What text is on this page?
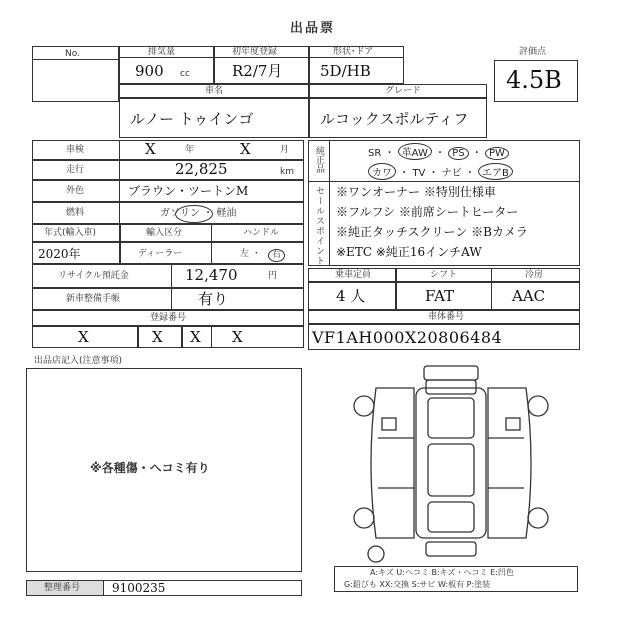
出品票
No.	排気量
900 cc
初年度登録
R2/7月
形状･ドア
5D/HB
評価点
4.5B
車名	グレード
ルノー トゥインゴ	ルコックスポルティフ
車検	X	年	X	月
走行	22,825	km
外色	ブラウン・ツートンM
燃料	ガソリン ・ 軽油
年式(輸入車)	輸入区分	ハンドル
2020年	ディーラー	左 ・	右
リサイクル預託金	12,470	円
新車整備手帳	有り
登録番号
X	X X X
純正品
セールスポイント
SR ・ 革AW ・ PS ・ PW
カワ ・ TV ・ ナビ ・ エアB
※ワンオーナー ※特別仕様車
※フルフシ ※前席シートヒーター
※純正タッチスクリーン ※Bカメラ
※ETC ※純正16インチAW
乗車定員	シフト	冷房
4 人	FAT	AAC
車体番号
VF1AH000X20806484
出品店記入(注意事項)
※各種傷・ヘコミ有り
A:キズ U:ヘコミ B:キズ・ヘコミ E:凹色
G:鉛びも XX:交換 S:サビ W:板有 P:塗装
整理番号	9100235
